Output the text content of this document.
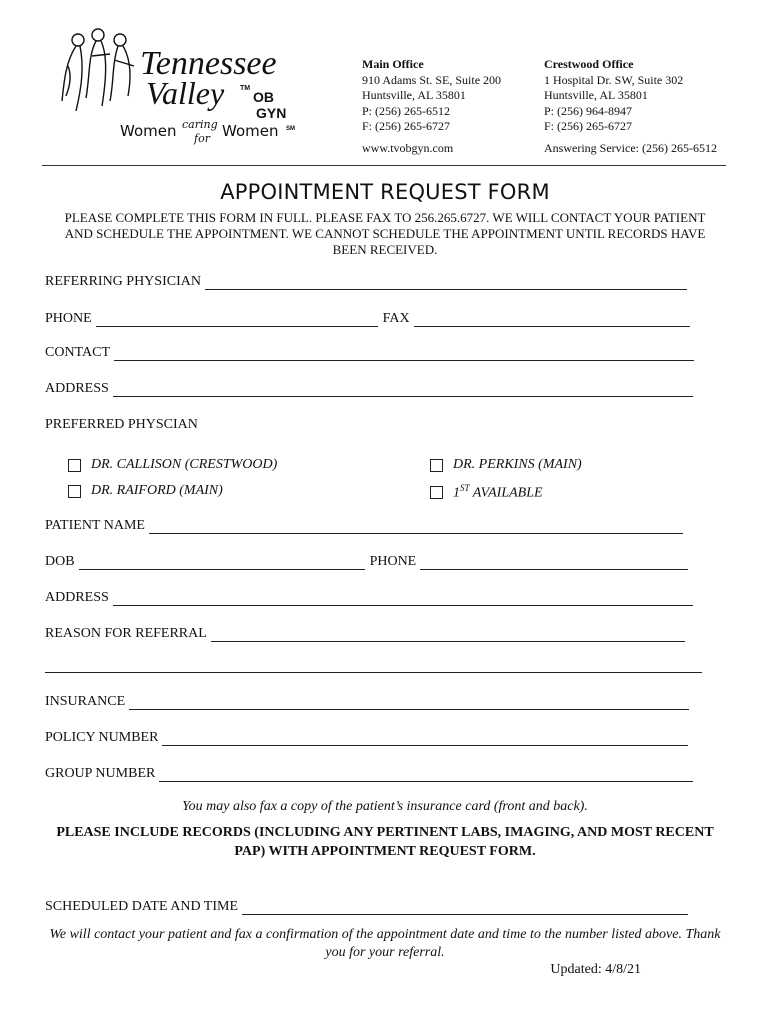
Tennessee
Valley TM
OB
GYN
Women caring
for Women SM
Main Office
910 Adams St. SE, Suite 200
Huntsville, AL 35801
P: (256) 265-6512
F: (256) 265-6727
www.tvobgyn.com
Crestwood Office
1 Hospital Dr. SW, Suite 302
Huntsville, AL 35801
P: (256) 964-8947
F: (256) 265-6727
Answering Service: (256) 265-6512
APPOINTMENT REQUEST FORM
PLEASE COMPLETE THIS FORM IN FULL. PLEASE FAX TO 256.265.6727. WE WILL CONTACT YOUR PATIENT AND SCHEDULE THE APPOINTMENT. WE CANNOT SCHEDULE THE APPOINTMENT UNTIL RECORDS HAVE BEEN RECEIVED.
REFERRING PHYSICIAN
PHONE	FAX
CONTACT
ADDRESS
PREFERRED PHYSCIAN
DR. CALLISON (CRESTWOOD)	DR. PERKINS (MAIN)
DR. RAIFORD (MAIN)	1ST AVAILABLE
PATIENT NAME
DOB	PHONE
ADDRESS
REASON FOR REFERRAL
INSURANCE
POLICY NUMBER
GROUP NUMBER
You may also fax a copy of the patient’s insurance card (front and back).
PLEASE INCLUDE RECORDS (INCLUDING ANY PERTINENT LABS, IMAGING, AND MOST RECENT PAP) WITH APPOINTMENT REQUEST FORM.
SCHEDULED DATE AND TIME
We will contact your patient and fax a confirmation of the appointment date and time to the number listed above. Thank you for your referral.
Updated: 4/8/21
